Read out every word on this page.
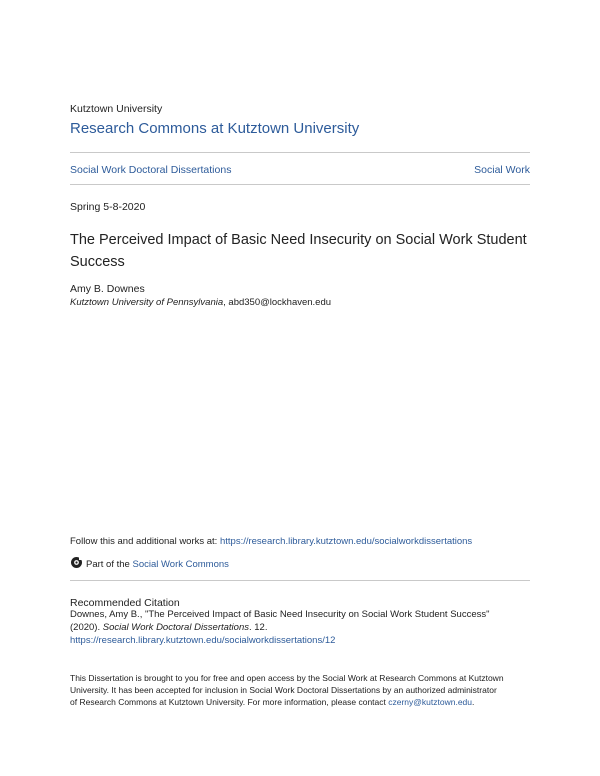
Kutztown University
Research Commons at Kutztown University
Social Work Doctoral Dissertations	Social Work
Spring 5-8-2020
The Perceived Impact of Basic Need Insecurity on Social Work Student Success
Amy B. Downes
Kutztown University of Pennsylvania, abd350@lockhaven.edu
Follow this and additional works at: https://research.library.kutztown.edu/socialworkdissertations
Part of the Social Work Commons
Recommended Citation
Downes, Amy B., "The Perceived Impact of Basic Need Insecurity on Social Work Student Success"
(2020). Social Work Doctoral Dissertations. 12.
https://research.library.kutztown.edu/socialworkdissertations/12
This Dissertation is brought to you for free and open access by the Social Work at Research Commons at Kutztown
University. It has been accepted for inclusion in Social Work Doctoral Dissertations by an authorized administrator
of Research Commons at Kutztown University. For more information, please contact czerny@kutztown.edu.
